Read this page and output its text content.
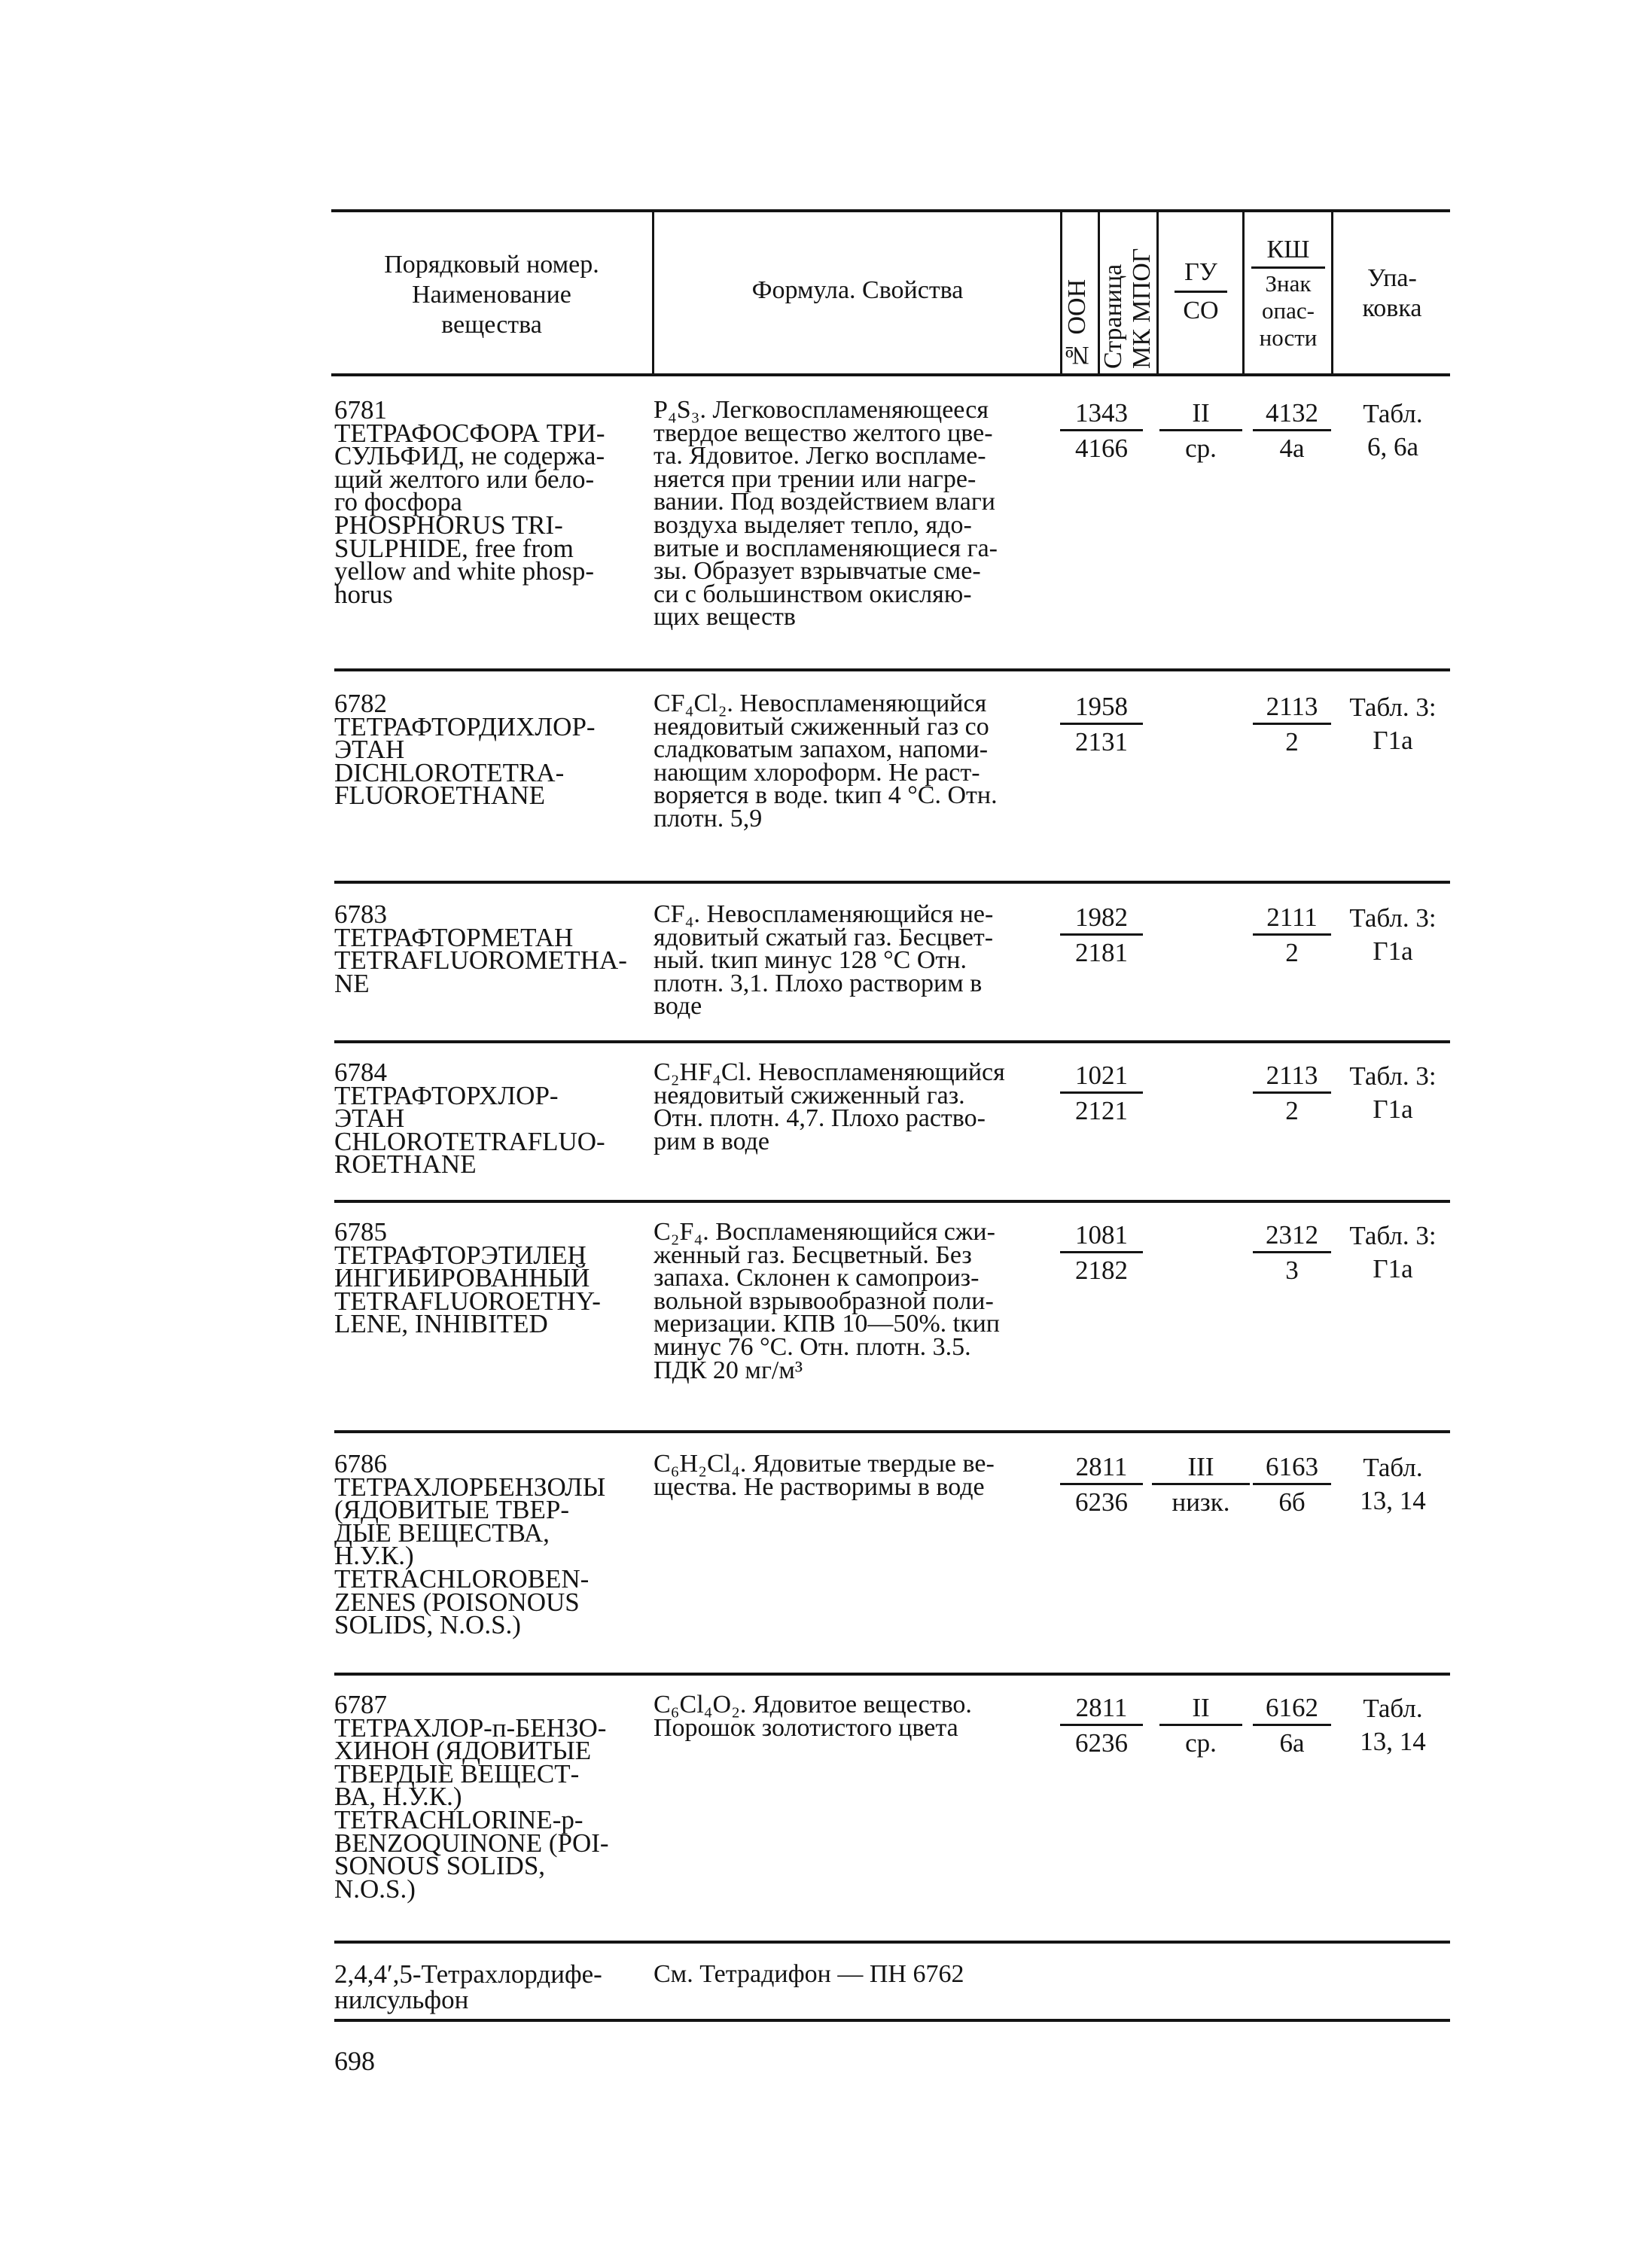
Порядковый номер.
Наименование
вещества
Формула. Свойства	№ ООН Страница МК МПОГ	ГУ
СО
КШ
Знак
опас-
ности
Упа-
ковка
6781
ТЕТРАФОСФОРА ТРИ-
СУЛЬФИД, не содержа-
щий желтого или бело-
го фосфора
PHOSPHORUS TRI-
SULPHIDE, free from
yellow and white phosp-
horus
P₄S₃. Легковоспламеняющееся
твердое вещество желтого цве-
та. Ядовитое. Легко воспламе-
няется при трении или нагре-
вании. Под воздействием влаги
воздуха выделяет тепло, ядо-
витые и воспламеняющиеся га-
зы. Образует взрывчатые сме-
си с большинством окисляю-
щих веществ
1343
4166
II
ср.
4132
4а
Табл.
6, 6а
6782
ТЕТРАФТОРДИХЛОР-
ЭТАН
DICHLOROTETRA-
FLUOROETHANE
CF₄Cl₂. Невоспламеняющийся
неядовитый сжиженный газ со
сладковатым запахом, напоми-
нающим хлороформ. Не раст-
воряется в воде. tкип 4 °С. Отн.
плотн. 5,9
1958
2131
2113
2
Табл. 3:
Г1а
6783
ТЕТРАФТОРМЕТАН
TETRAFLUOROMETHA-
NE
CF₄. Невоспламеняющийся не-
ядовитый сжатый газ. Бесцвет-
ный. tкип минус 128 °С Отн.
плотн. 3,1. Плохо растворим в
воде
1982
2181
2111
2
Табл. 3:
Г1а
6784
ТЕТРАФТОРХЛОР-
ЭТАН
CHLOROTETRAFLUO-
ROETHANE
C₂HF₄Cl. Невоспламеняющийся
неядовитый сжиженный газ.
Отн. плотн. 4,7. Плохо раство-
рим в воде
1021
2121
2113
2
Табл. 3:
Г1а
6785
ТЕТРАФТОРЭТИЛЕН
ИНГИБИРОВАННЫЙ
TETRAFLUOROETHY-
LENE, INHIBITED
C₂F₄. Воспламеняющийся сжи-
женный газ. Бесцветный. Без
запаха. Склонен к самопроиз-
вольной взрывообразной поли-
меризации. КПВ 10—50%. tкип
минус 76 °С. Отн. плотн. 3.5.
ПДК 20 мг/м³
1081
2182
2312
3
Табл. 3:
Г1а
6786
ТЕТРАХЛОРБЕНЗОЛЫ
(ЯДОВИТЫЕ ТВЕР-
ДЫЕ ВЕЩЕСТВА,
Н.У.К.)
TETRACHLOROBEN-
ZENES (POISONOUS
SOLIDS, N.O.S.)
C₆H₂Cl₄. Ядовитые твердые ве-
щества. Не растворимы в воде
2811
6236
III
низк.
6163
6б
Табл.
13, 14
6787
ТЕТРАХЛОР-п-БЕНЗО-
ХИНОН (ЯДОВИТЫЕ
ТВЕРДЫЕ ВЕЩЕСТ-
ВА, Н.У.К.)
TETRACHLORINE-p-
BENZOQUINONE (POI-
SONOUS SOLIDS,
N.O.S.)
C₆Cl₄O₂. Ядовитое вещество.
Порошок золотистого цвета
2811
6236
II
ср.
6162
6а
Табл.
13, 14
2,4,4′,5-Тетрахлордифе-
нилсульфон
См. Тетрадифон — ПН 6762
698
